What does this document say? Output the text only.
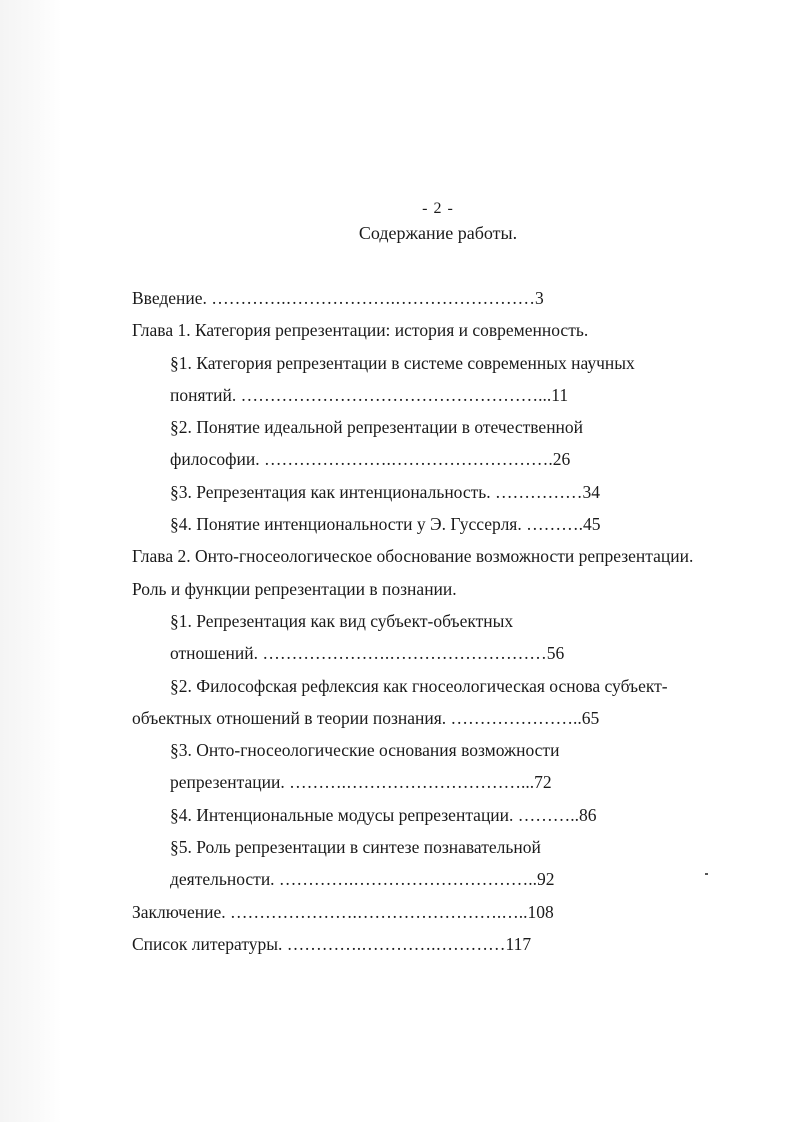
- 2 -
Содержание работы.
Введение. ………….……………….……………………3
Глава 1. Категория репрезентации: история и современность.
§1. Категория репрезентации в системе современных научных
понятий. ……………………………………………...11
§2. Понятие идеальной репрезентации в отечественной
философии. ………………….……………………….26
§3. Репрезентация как интенциональность. ……………34
§4. Понятие интенциональности у Э. Гуссерля. ……….45
Глава 2. Онто-гносеологическое обоснование возможности репрезентации.
Роль и функции репрезентации в познании.
§1. Репрезентация как вид субъект-объектных
отношений. ………………….………………………56
§2. Философская рефлексия как гносеологическая основа субъект-
объектных отношений в теории познания. …………………..65
§3. Онто-гносеологические основания возможности
репрезентации. ……….…………………………...72
§4. Интенциональные модусы репрезентации. ………..86
§5. Роль репрезентации в синтезе познавательной
деятельности. ………….…………………………..92
Заключение. ………………….…………………….…..108
Список литературы. ………….………….…………117
